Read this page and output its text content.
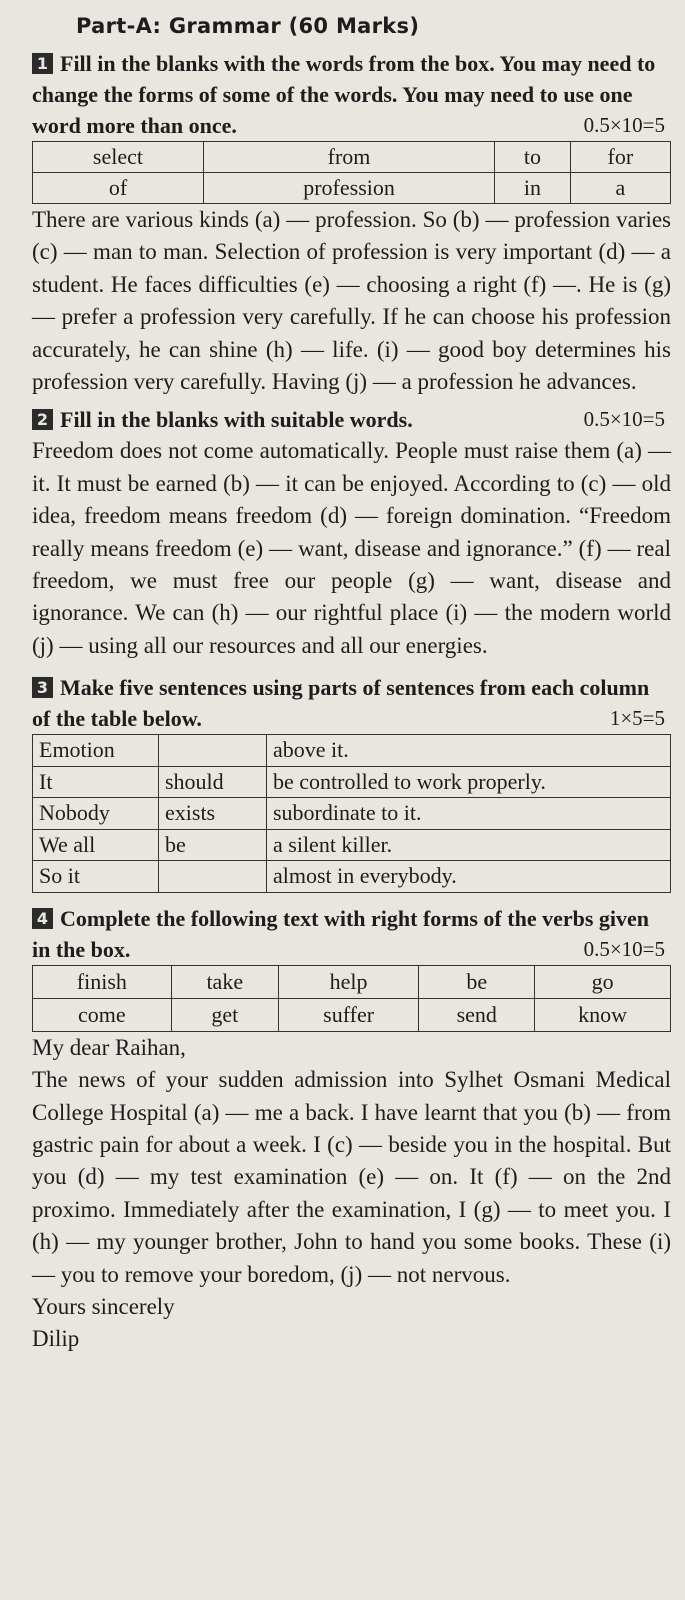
Part-A: Grammar (60 Marks)
1 Fill in the blanks with the words from the box. You may need to change the forms of some of the words. You may need to use one word more than once.	0.5×10=5
select	from	to	for
of	profession	in	a

There are various kinds (a) — profession. So (b) — profession varies (c) — man to man. Selection of profession is very important (d) — a student. He faces difficulties (e) — choosing a right (f) —. He is (g) — prefer a profession very carefully. If he can choose his profession accurately, he can shine (h) — life. (i) — good boy determines his profession very carefully. Having (j) — a profession he advances.

2 Fill in the blanks with suitable words.	0.5×10=5

Freedom does not come automatically. People must raise them (a) — it. It must be earned (b) — it can be enjoyed. According to (c) — old idea, freedom means freedom (d) — foreign domination. “Freedom really means freedom (e) — want, disease and ignorance.” (f) — real freedom, we must free our people (g) — want, disease and ignorance. We can (h) — our rightful place (i) — the modern world (j) — using all our resources and all our energies.

3 Make five sentences using parts of sentences from each column of the table below.	1×5=5
Emotion		above it.
It	should	be controlled to work properly.
Nobody	exists	subordinate to it.
We all	be	a silent killer.
So it		almost in everybody.
4 Complete the following text with right forms of the verbs given in the box.	0.5×10=5
finish	take	help	be	go
come	get	suffer	send	know

My dear Raihan,

The news of your sudden admission into Sylhet Osmani Medical College Hospital (a) — me a back. I have learnt that you (b) — from gastric pain for about a week. I (c) — beside you in the hospital. But you (d) — my test examination (e) — on. It (f) — on the 2nd proximo. Immediately after the examination, I (g) — to meet you. I (h) — my younger brother, John to hand you some books. These (i) — you to remove your boredom, (j) — not nervous.

Yours sincerely

Dilip
